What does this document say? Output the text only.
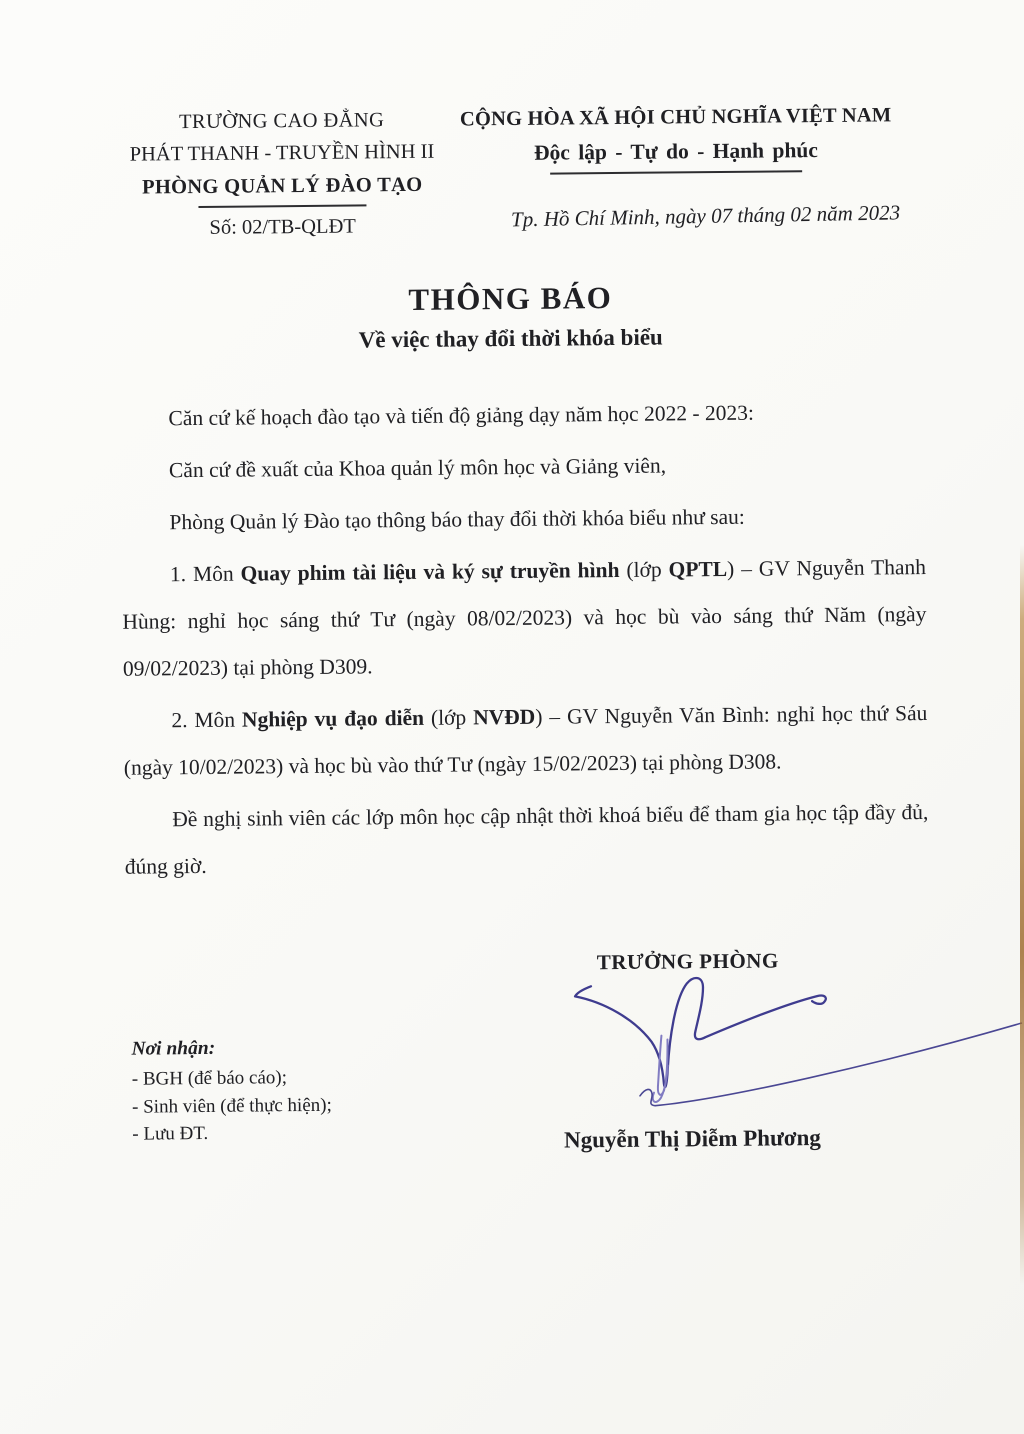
TRƯỜNG CAO ĐẲNG
PHÁT THANH - TRUYỀN HÌNH II
PHÒNG QUẢN LÝ ĐÀO TẠO
Số: 02/TB-QLĐT
CỘNG HÒA XÃ HỘI CHỦ NGHĨA VIỆT NAM
Độc lập - Tự do - Hạnh phúc
Tp. Hồ Chí Minh, ngày 07 tháng 02 năm 2023
THÔNG BÁO
Về việc thay đổi thời khóa biểu

Căn cứ kế hoạch đào tạo và tiến độ giảng dạy năm học 2022 - 2023:

Căn cứ đề xuất của Khoa quản lý môn học và Giảng viên,

Phòng Quản lý Đào tạo thông báo thay đổi thời khóa biểu như sau:

1. Môn Quay phim tài liệu và ký sự truyền hình (lớp QPTL) – GV Nguyễn Thanh Hùng: nghỉ học sáng thứ Tư (ngày 08/02/2023) và học bù vào sáng thứ Năm (ngày 09/02/2023) tại phòng D309.

2. Môn Nghiệp vụ đạo diễn (lớp NVĐD) – GV Nguyễn Văn Bình: nghỉ học thứ Sáu (ngày 10/02/2023) và học bù vào thứ Tư (ngày 15/02/2023) tại phòng D308.

Đề nghị sinh viên các lớp môn học cập nhật thời khoá biểu để tham gia học tập đầy đủ, đúng giờ.

TRƯỞNG PHÒNG
Nguyễn Thị Diễm Phương
Nơi nhận:
- BGH (để báo cáo);
- Sinh viên (để thực hiện);
- Lưu ĐT.
